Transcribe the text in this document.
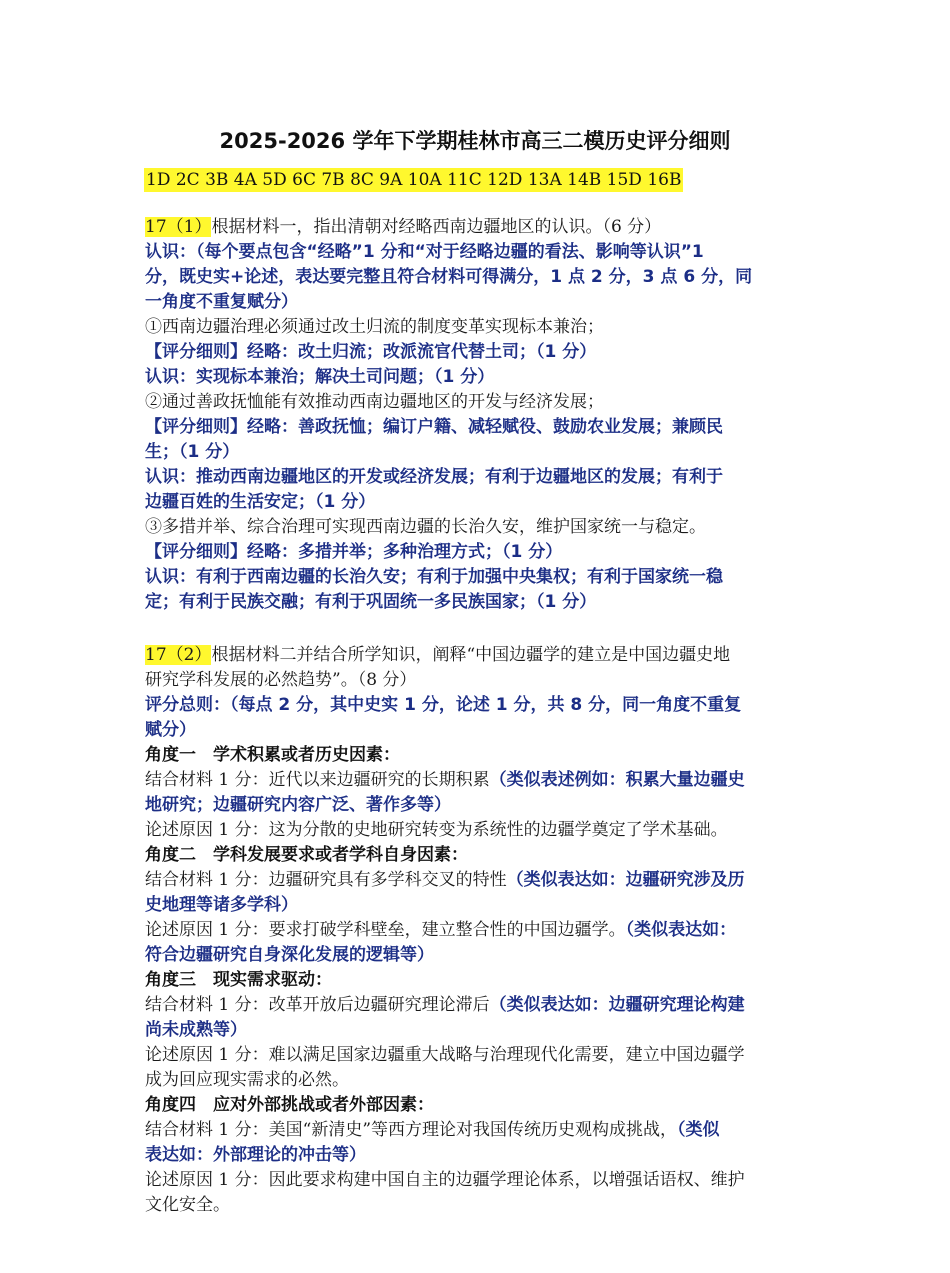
2025-2026 学年下学期桂林市高三二模历史评分细则
1D 2C 3B 4A 5D 6C 7B 8C 9A 10A 11C 12D 13A 14B 15D 16B
17（1）根据材料一，指出清朝对经略西南边疆地区的认识。（6 分）
认识：（每个要点包含“经略”1 分和“对于经略边疆的看法、影响等认识”1
分，既史实+论述，表达要完整且符合材料可得满分，1 点 2 分，3 点 6 分，同
一角度不重复赋分）
①西南边疆治理必须通过改土归流的制度变革实现标本兼治；
【评分细则】经略：改土归流；改派流官代替土司；（1 分）
认识：实现标本兼治；解决土司问题；（1 分）
②通过善政抚恤能有效推动西南边疆地区的开发与经济发展；
【评分细则】经略：善政抚恤；编订户籍、减轻赋役、鼓励农业发展；兼顾民
生；（1 分）
认识：推动西南边疆地区的开发或经济发展；有利于边疆地区的发展；有利于
边疆百姓的生活安定；（1 分）
③多措并举、综合治理可实现西南边疆的长治久安，维护国家统一与稳定。
【评分细则】经略：多措并举；多种治理方式；（1 分）
认识：有利于西南边疆的长治久安；有利于加强中央集权；有利于国家统一稳
定；有利于民族交融；有利于巩固统一多民族国家；（1 分）
17（2）根据材料二并结合所学知识，阐释“中国边疆学的建立是中国边疆史地
研究学科发展的必然趋势”。（8 分）
评分总则：（每点 2 分，其中史实 1 分，论述 1 分，共 8 分，同一角度不重复
赋分）
角度一　学术积累或者历史因素：
结合材料 1 分：近代以来边疆研究的长期积累（类似表述例如：积累大量边疆史
地研究；边疆研究内容广泛、著作多等）
论述原因 1 分：这为分散的史地研究转变为系统性的边疆学奠定了学术基础。
角度二　学科发展要求或者学科自身因素：
结合材料 1 分：边疆研究具有多学科交叉的特性（类似表达如：边疆研究涉及历
史地理等诸多学科）
论述原因 1 分：要求打破学科壁垒，建立整合性的中国边疆学。（类似表达如：
符合边疆研究自身深化发展的逻辑等）
角度三　现实需求驱动：
结合材料 1 分：改革开放后边疆研究理论滞后（类似表达如：边疆研究理论构建
尚未成熟等）
论述原因 1 分：难以满足国家边疆重大战略与治理现代化需要，建立中国边疆学
成为回应现实需求的必然。
角度四　应对外部挑战或者外部因素：
结合材料 1 分：美国“新清史”等西方理论对我国传统历史观构成挑战，（类似
表达如：外部理论的冲击等）
论述原因 1 分：因此要求构建中国自主的边疆学理论体系，以增强话语权、维护
文化安全。
